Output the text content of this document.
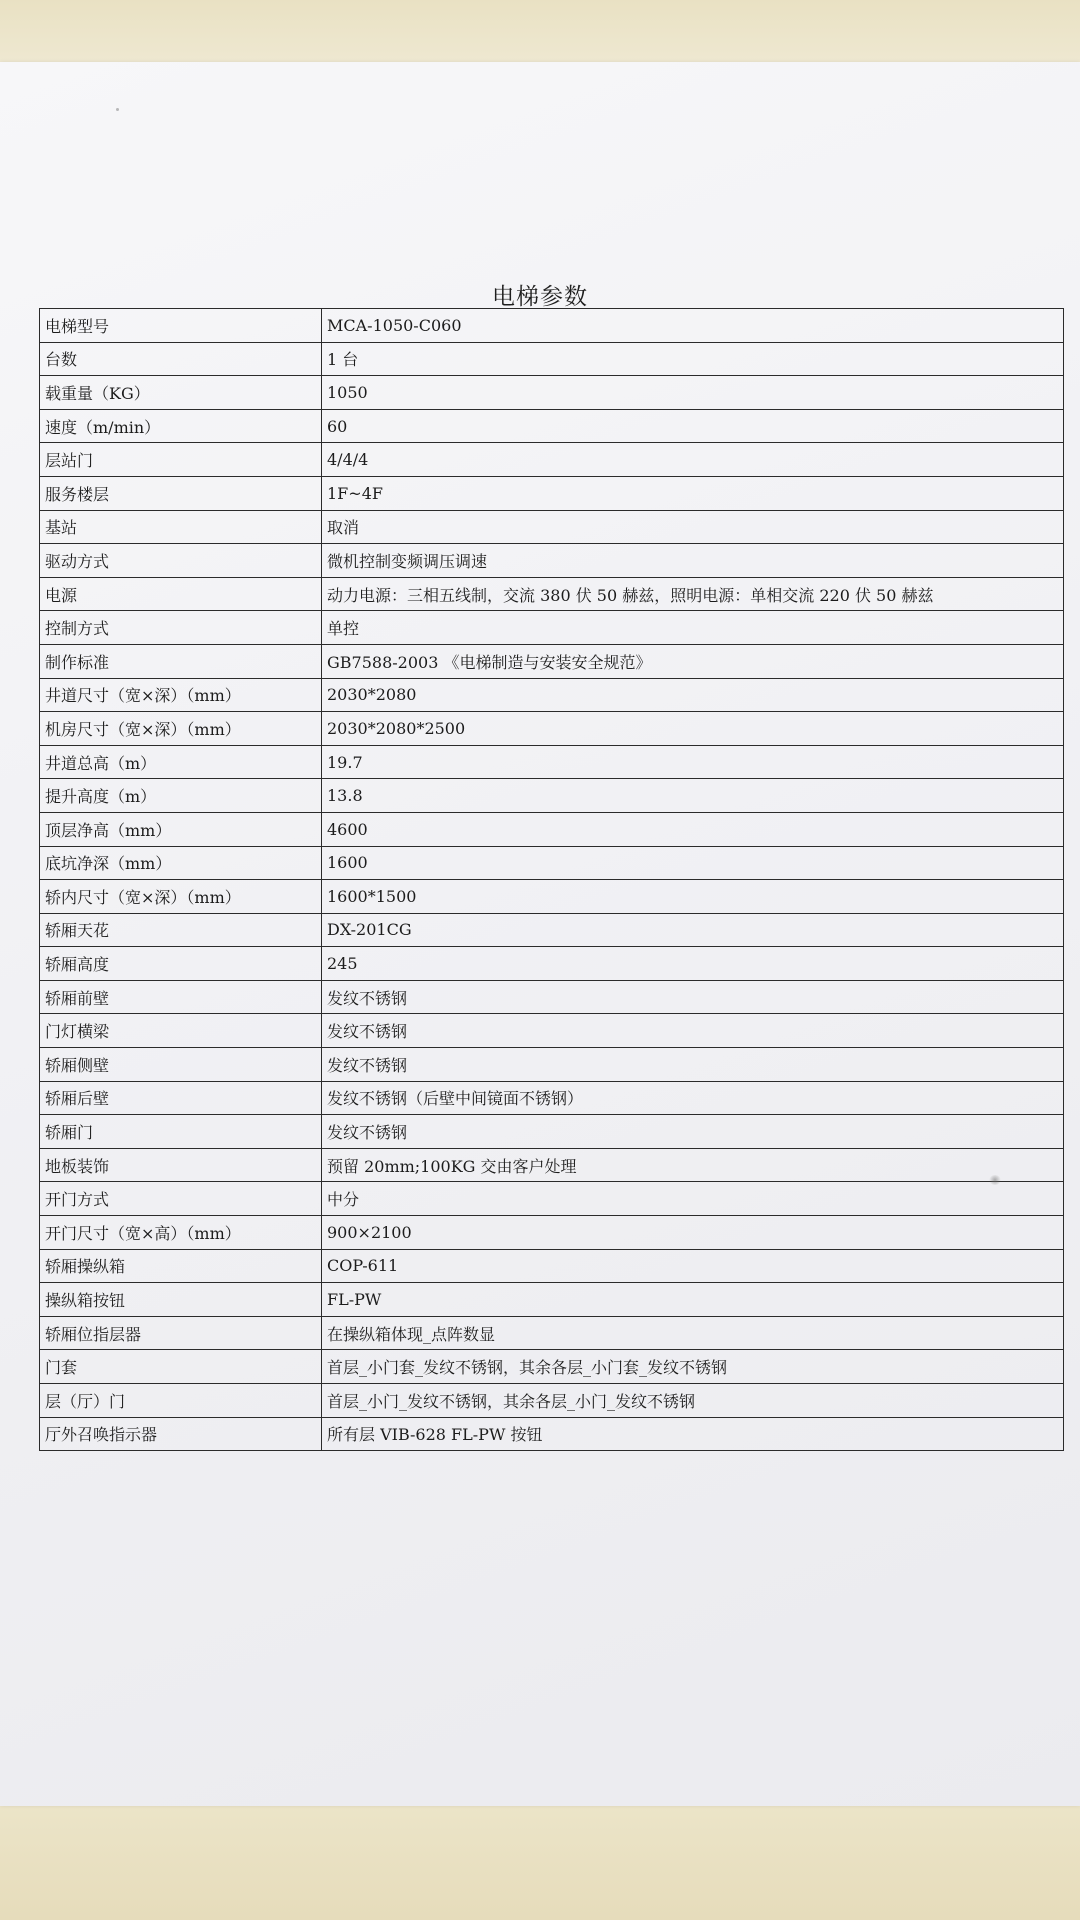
电梯参数
电梯型号	MCA-1050-C060
台数	1 台
载重量（KG）	1050
速度（m/min）	60
层站门	4/4/4
服务楼层	1F~4F
基站	取消
驱动方式	微机控制变频调压调速
电源	动力电源：三相五线制，交流 380 伏 50 赫兹，照明电源：单相交流 220 伏 50 赫兹
控制方式	单控
制作标准	GB7588-2003 《电梯制造与安装安全规范》
井道尺寸（宽×深）（mm）	2030*2080
机房尺寸（宽×深）（mm）	2030*2080*2500
井道总高（m）	19.7
提升高度（m）	13.8
顶层净高（mm）	4600
底坑净深（mm）	1600
轿内尺寸（宽×深）（mm）	1600*1500
轿厢天花	DX-201CG
轿厢高度	245
轿厢前壁	发纹不锈钢
门灯横梁	发纹不锈钢
轿厢侧壁	发纹不锈钢
轿厢后壁	发纹不锈钢（后壁中间镜面不锈钢）
轿厢门	发纹不锈钢
地板装饰	预留 20mm;100KG 交由客户处理
开门方式	中分
开门尺寸（宽×高）（mm）	900×2100
轿厢操纵箱	COP-611
操纵箱按钮	FL-PW
轿厢位指层器	在操纵箱体现_点阵数显
门套	首层_小门套_发纹不锈钢，其余各层_小门套_发纹不锈钢
层（厅）门	首层_小门_发纹不锈钢，其余各层_小门_发纹不锈钢
厅外召唤指示器	所有层 VIB-628 FL-PW 按钮
